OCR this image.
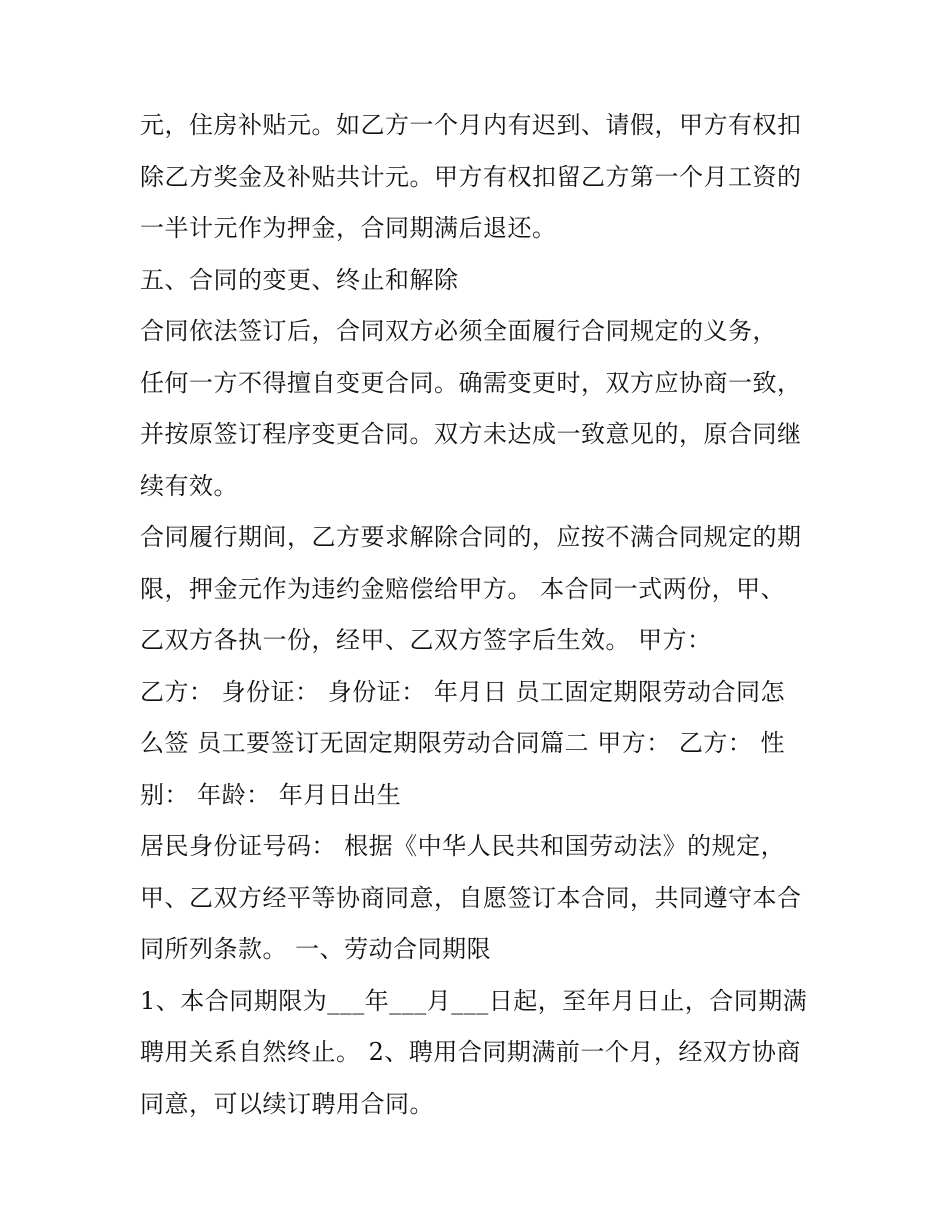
元，住房补贴元。如乙方一个月内有迟到、请假，甲方有权扣
除乙方奖金及补贴共计元。甲方有权扣留乙方第一个月工资的
一半计元作为押金，合同期满后退还。
五、合同的变更、终止和解除
合同依法签订后，合同双方必须全面履行合同规定的义务，
任何一方不得擅自变更合同。确需变更时，双方应协商一致，
并按原签订程序变更合同。双方未达成一致意见的，原合同继
续有效。
合同履行期间，乙方要求解除合同的，应按不满合同规定的期
限，押金元作为违约金赔偿给甲方。 本合同一式两份，甲、
乙双方各执一份，经甲、乙双方签字后生效。 甲方：
乙方： 身份证： 身份证： 年月日 员工固定期限劳动合同怎
么签 员工要签订无固定期限劳动合同篇二 甲方： 乙方： 性
别： 年龄： 年月日出生
居民身份证号码： 根据《中华人民共和国劳动法》的规定，
甲、乙双方经平等协商同意，自愿签订本合同，共同遵守本合
同所列条款。 一、劳动合同期限
1、本合同期限为___年___月___日起，至年月日止，合同期满
聘用关系自然终止。 2、聘用合同期满前一个月，经双方协商
同意，可以续订聘用合同。
